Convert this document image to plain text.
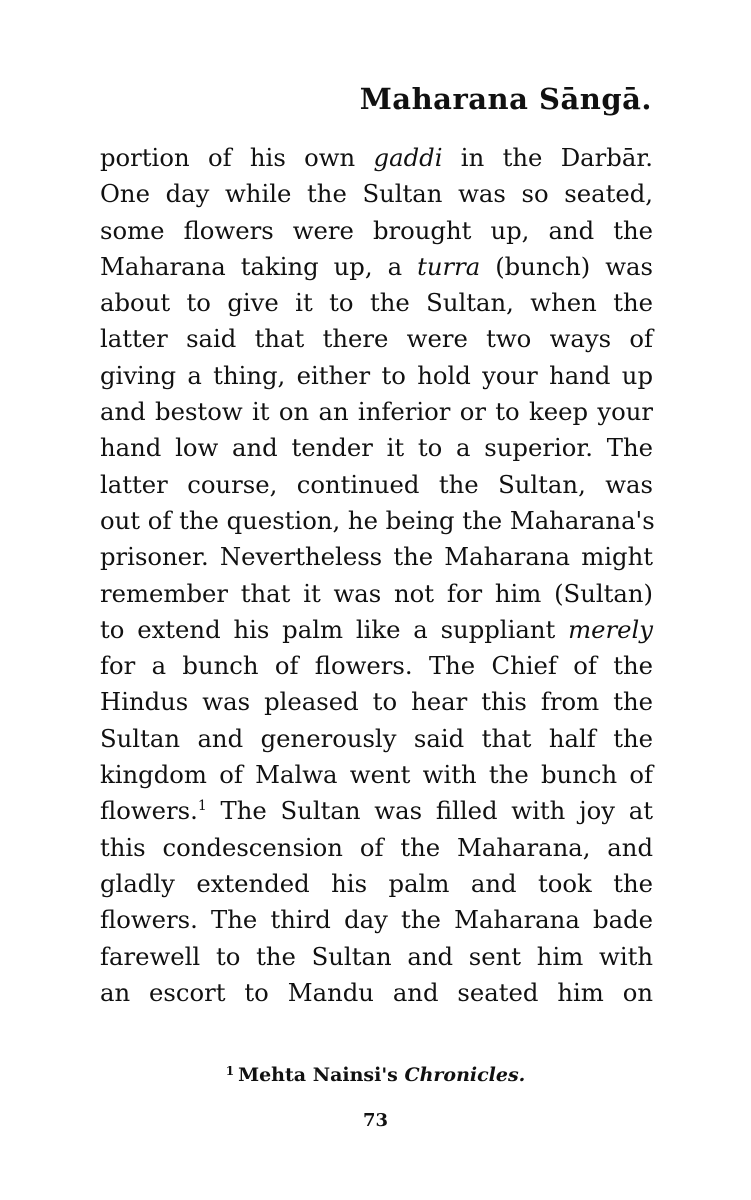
Maharana Sāngā.
portion of his own gaddi in the Darbār.
One day while the Sultan was so seated,
some flowers were brought up, and the
Maharana taking up, a turra (bunch) was
about to give it to the Sultan, when the
latter said that there were two ways of
giving a thing, either to hold your hand up
and bestow it on an inferior or to keep your
hand low and tender it to a superior. The
latter course, continued the Sultan, was
out of the question, he being the Maharana's
prisoner. Nevertheless the Maharana might
remember that it was not for him (Sultan)
to extend his palm like a suppliant merely
for a bunch of flowers. The Chief of the
Hindus was pleased to hear this from the
Sultan and generously said that half the
kingdom of Malwa went with the bunch of
flowers.$^1$ The Sultan was filled with joy at
this condescension of the Maharana, and
gladly extended his palm and took the
flowers. The third day the Maharana bade
farewell to the Sultan and sent him with
an escort to Mandu and seated him on
$^1$ Mehta Nainsi's Chronicles.
73
